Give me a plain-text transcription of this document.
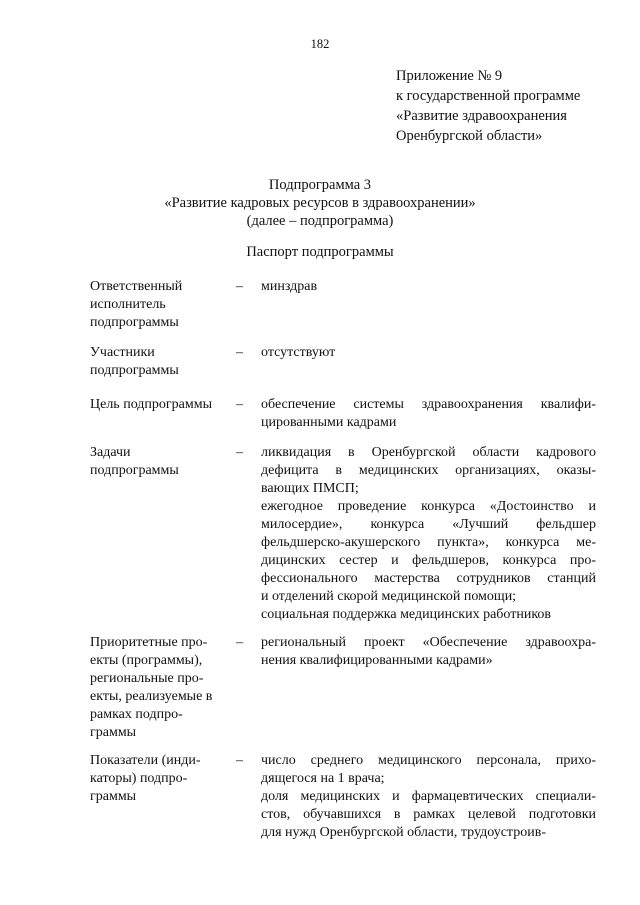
182
Приложение № 9
к государственной программе
«Развитие здравоохранения
Оренбургской области»
Подпрограмма 3
«Развитие кадровых ресурсов в здравоохранении»
(далее – подпрограмма)
Паспорт подпрограммы
Ответственный
исполнитель
подпрограммы
–	минздрав
Участники
подпрограммы
–	отсутствуют
Цель подпрограммы	–	обеспечение системы здравоохранения квалифи-
цированными кадрами
Задачи
подпрограммы
–	ликвидация в Оренбургской области кадрового
дефицита в медицинских организациях, оказы-
вающих ПМСП;
ежегодное проведение конкурса «Достоинство и
милосердие», конкурса «Лучший фельдшер
фельдшерско-акушерского пункта», конкурса ме-
дицинских сестер и фельдшеров, конкурса про-
фессионального мастерства сотрудников станций
и отделений скорой медицинской помощи;
социальная поддержка медицинских работников
Приоритетные про-
екты (программы),
региональные про-
екты, реализуемые в
рамках подпро-
граммы
–	региональный проект «Обеспечение здравоохра-
нения квалифицированными кадрами»
Показатели (инди-
каторы) подпро-
граммы
–	число среднего медицинского персонала, прихо-
дящегося на 1 врача;
доля медицинских и фармацевтических специали-
стов, обучавшихся в рамках целевой подготовки
для нужд Оренбургской области, трудоустроив-
